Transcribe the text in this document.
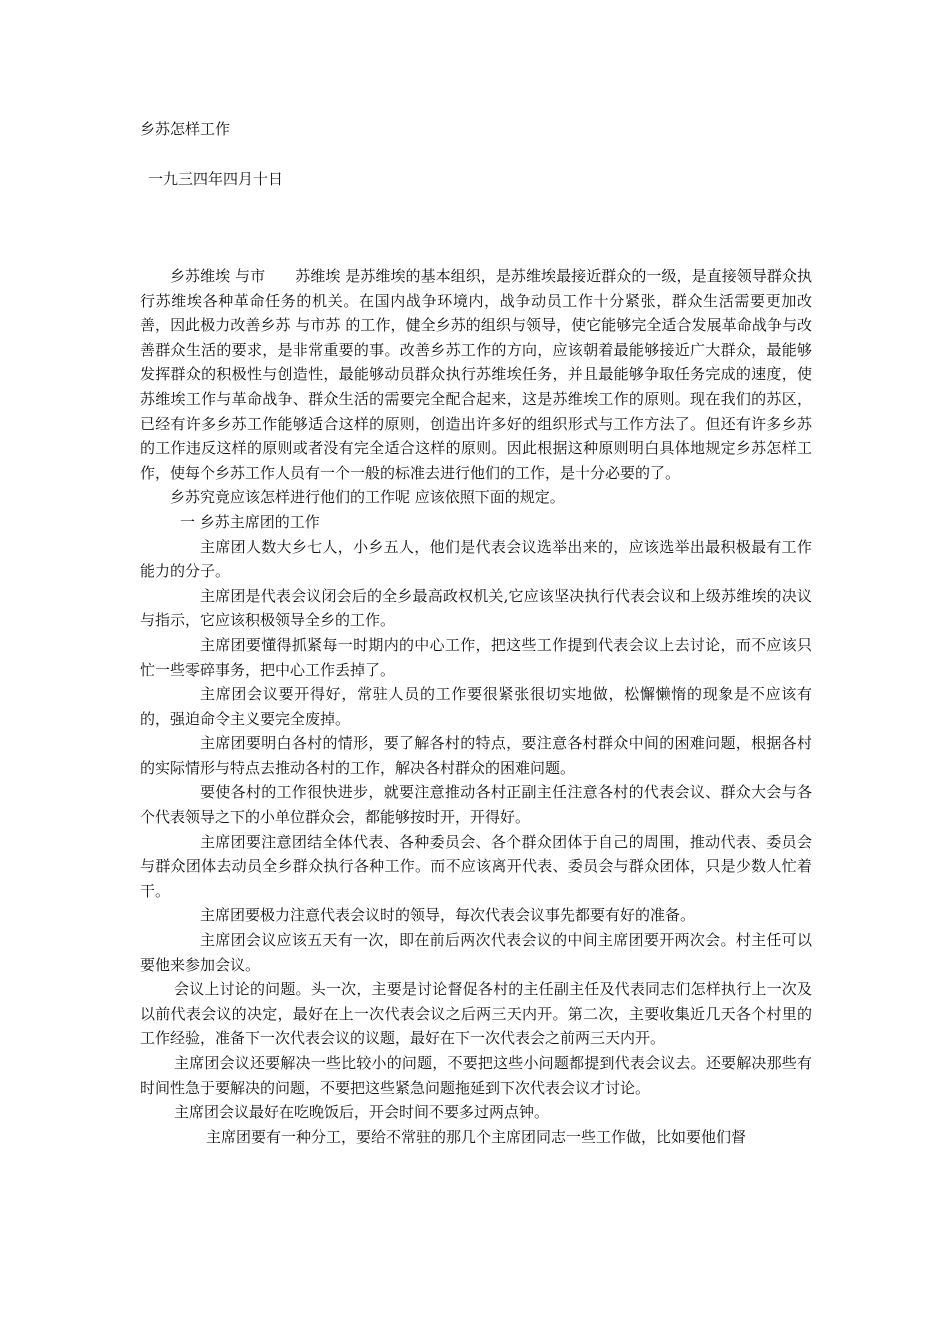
乡苏怎样工作
一九三四年四月十日

乡苏维埃 与市　　苏维埃 是苏维埃的基本组织，是苏维埃最接近群众的一级，是直接领导群众执行苏维埃各种革命任务的机关。在国内战争环境内，战争动员工作十分紧张，群众生活需要更加改善，因此极力改善乡苏 与市苏 的工作，健全乡苏的组织与领导，使它能够完全适合发展革命战争与改善群众生活的要求，是非常重要的事。改善乡苏工作的方向，应该朝着最能够接近广大群众，最能够发挥群众的积极性与创造性，最能够动员群众执行苏维埃任务，并且最能够争取任务完成的速度，使苏维埃工作与革命战争、群众生活的需要完全配合起来，这是苏维埃工作的原则。现在我们的苏区，已经有许多乡苏工作能够适合这样的原则，创造出许多好的组织形式与工作方法了。但还有许多乡苏的工作违反这样的原则或者没有完全适合这样的原则。因此根据这种原则明白具体地规定乡苏怎样工作，使每个乡苏工作人员有一个一般的标准去进行他们的工作，是十分必要的了。

乡苏究竟应该怎样进行他们的工作呢 应该依照下面的规定。

一 乡苏主席团的工作

主席团人数大乡七人，小乡五人，他们是代表会议选举出来的，应该选举出最积极最有工作能力的分子。

主席团是代表会议闭会后的全乡最高政权机关,它应该坚决执行代表会议和上级苏维埃的决议与指示，它应该积极领导全乡的工作。

主席团要懂得抓紧每一时期内的中心工作，把这些工作提到代表会议上去讨论，而不应该只忙一些零碎事务，把中心工作丢掉了。

主席团会议要开得好，常驻人员的工作要很紧张很切实地做，松懈懒惰的现象是不应该有的，强迫命令主义要完全废掉。

主席团要明白各村的情形，要了解各村的特点，要注意各村群众中间的困难问题，根据各村的实际情形与特点去推动各村的工作，解决各村群众的困难问题。

要使各村的工作很快进步，就要注意推动各村正副主任注意各村的代表会议、群众大会与各个代表领导之下的小单位群众会，都能够按时开，开得好。

主席团要注意团结全体代表、各种委员会、各个群众团体于自己的周围，推动代表、委员会与群众团体去动员全乡群众执行各种工作。而不应该离开代表、委员会与群众团体，只是少数人忙着干。

主席团要极力注意代表会议时的领导，每次代表会议事先都要有好的准备。

主席团会议应该五天有一次，即在前后两次代表会议的中间主席团要开两次会。村主任可以要他来参加会议。

会议上讨论的问题。头一次，主要是讨论督促各村的主任副主任及代表同志们怎样执行上一次及以前代表会议的决定，最好在上一次代表会议之后两三天内开。第二次，主要收集近几天各个村里的工作经验，准备下一次代表会议的议题，最好在下一次代表会之前两三天内开。

主席团会议还要解决一些比较小的问题，不要把这些小问题都提到代表会议去。还要解决那些有时间性急于要解决的问题，不要把这些紧急问题拖延到下次代表会议才讨论。

主席团会议最好在吃晚饭后，开会时间不要多过两点钟。

主席团要有一种分工，要给不常驻的那几个主席团同志一些工作做，比如要他们督
